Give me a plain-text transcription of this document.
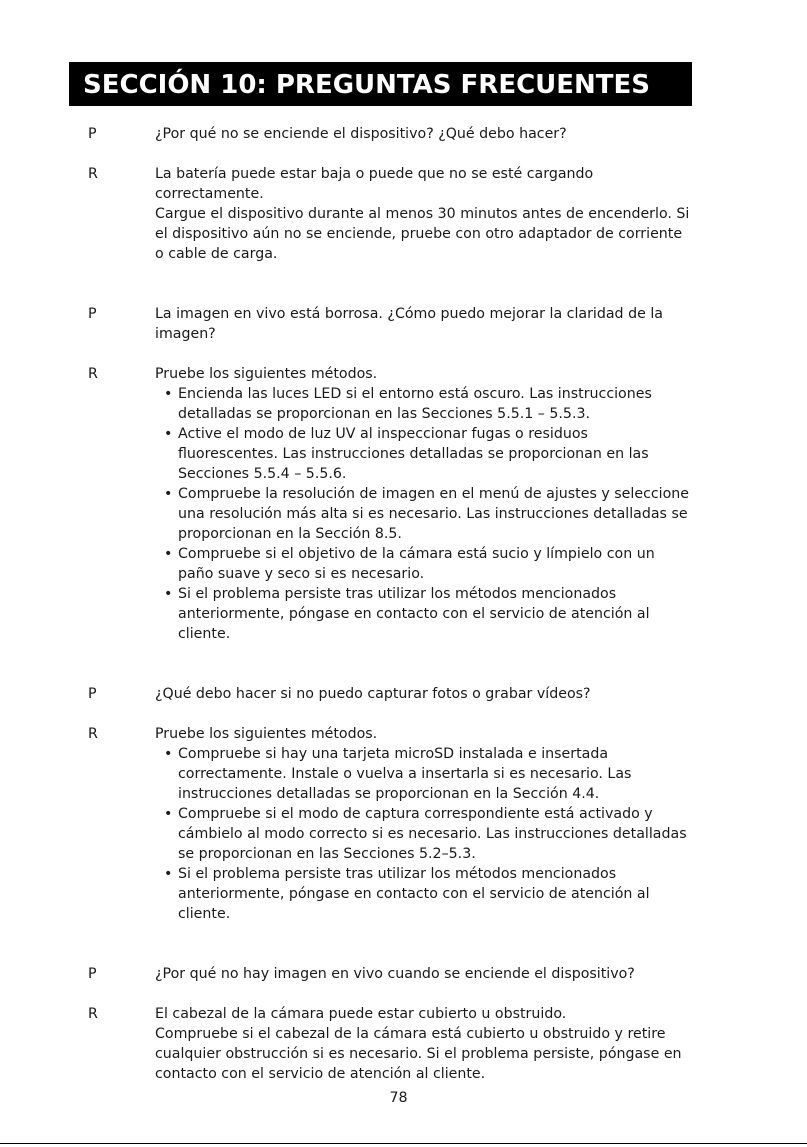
SECCIÓN 10: PREGUNTAS FRECUENTES
P	¿Por qué no se enciende el dispositivo? ¿Qué debo hacer?

R	La batería puede estar baja o puede que no se esté cargando correctamente.

Cargue el dispositivo durante al menos 30 minutos antes de encenderlo. Si el dispositivo aún no se enciende, pruebe con otro adaptador de corriente o cable de carga.

P	La imagen en vivo está borrosa. ¿Cómo puedo mejorar la claridad de la imagen?

R	Pruebe los siguientes métodos.

• Encienda las luces LED si el entorno está oscuro. Las instrucciones detalladas se proporcionan en las Secciones 5.5.1 – 5.5.3.
• Active el modo de luz UV al inspeccionar fugas o residuos fluorescentes. Las instrucciones detalladas se proporcionan en las Secciones 5.5.4 – 5.5.6.
• Compruebe la resolución de imagen en el menú de ajustes y seleccione una resolución más alta si es necesario. Las instrucciones detalladas se proporcionan en la Sección 8.5.
• Compruebe si el objetivo de la cámara está sucio y límpielo con un paño suave y seco si es necesario.
• Si el problema persiste tras utilizar los métodos mencionados anteriormente, póngase en contacto con el servicio de atención al cliente.
P	¿Qué debo hacer si no puedo capturar fotos o grabar vídeos?

R	Pruebe los siguientes métodos.

• Compruebe si hay una tarjeta microSD instalada e insertada correctamente. Instale o vuelva a insertarla si es necesario. Las instrucciones detalladas se proporcionan en la Sección 4.4.
• Compruebe si el modo de captura correspondiente está activado y cámbielo al modo correcto si es necesario. Las instrucciones detalladas se proporcionan en las Secciones 5.2–5.3.
• Si el problema persiste tras utilizar los métodos mencionados anteriormente, póngase en contacto con el servicio de atención al cliente.
P	¿Por qué no hay imagen en vivo cuando se enciende el dispositivo?

R	El cabezal de la cámara puede estar cubierto u obstruido.

Compruebe si el cabezal de la cámara está cubierto u obstruido y retire cualquier obstrucción si es necesario. Si el problema persiste, póngase en contacto con el servicio de atención al cliente.

78
